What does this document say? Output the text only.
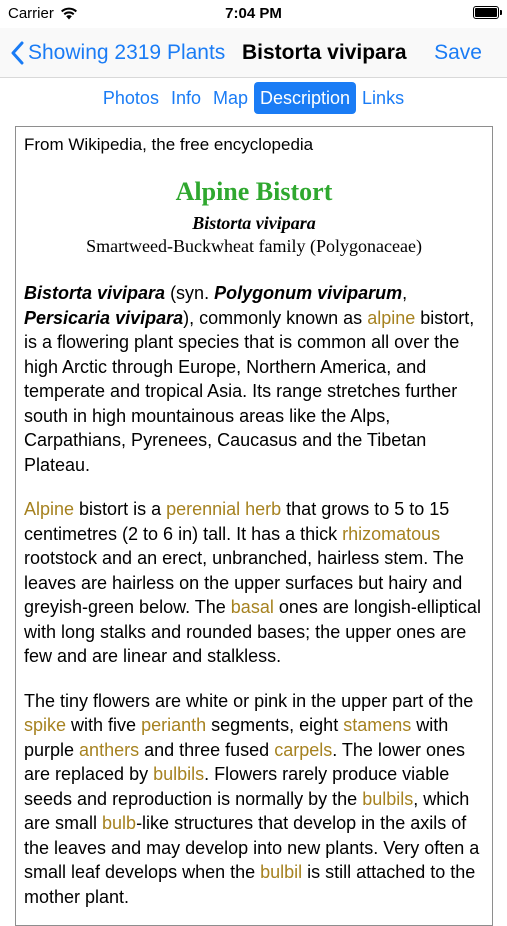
Carrier	7:04 PM
Showing 2319 Plants Bistorta vivipara Save
Photos Info Map Description Links
From Wikipedia, the free encyclopedia
Alpine Bistort
Bistorta vivipara
Smartweed-Buckwheat family (Polygonaceae)

Bistorta vivipara (syn. Polygonum viviparum, Persicaria vivipara), commonly known as alpine bistort, is a flowering plant species that is common all over the high Arctic through Europe, Northern America, and temperate and tropical Asia. Its range stretches further south in high mountainous areas like the Alps, Carpathians, Pyrenees, Caucasus and the Tibetan Plateau.

Alpine bistort is a perennial herb that grows to 5 to 15 centimetres (2 to 6 in) tall. It has a thick rhizomatous rootstock and an erect, unbranched, hairless stem. The leaves are hairless on the upper surfaces but hairy and greyish-green below. The basal ones are longish-elliptical with long stalks and rounded bases; the upper ones are few and are linear and stalkless.

The tiny flowers are white or pink in the upper part of the spike with five perianth segments, eight stamens with purple anthers and three fused carpels. The lower ones are replaced by bulbils. Flowers rarely produce viable seeds and reproduction is normally by the bulbils, which are small bulb-like structures that develop in the axils of the leaves and may develop into new plants. Very often a small leaf develops when the bulbil is still attached to the mother plant.
